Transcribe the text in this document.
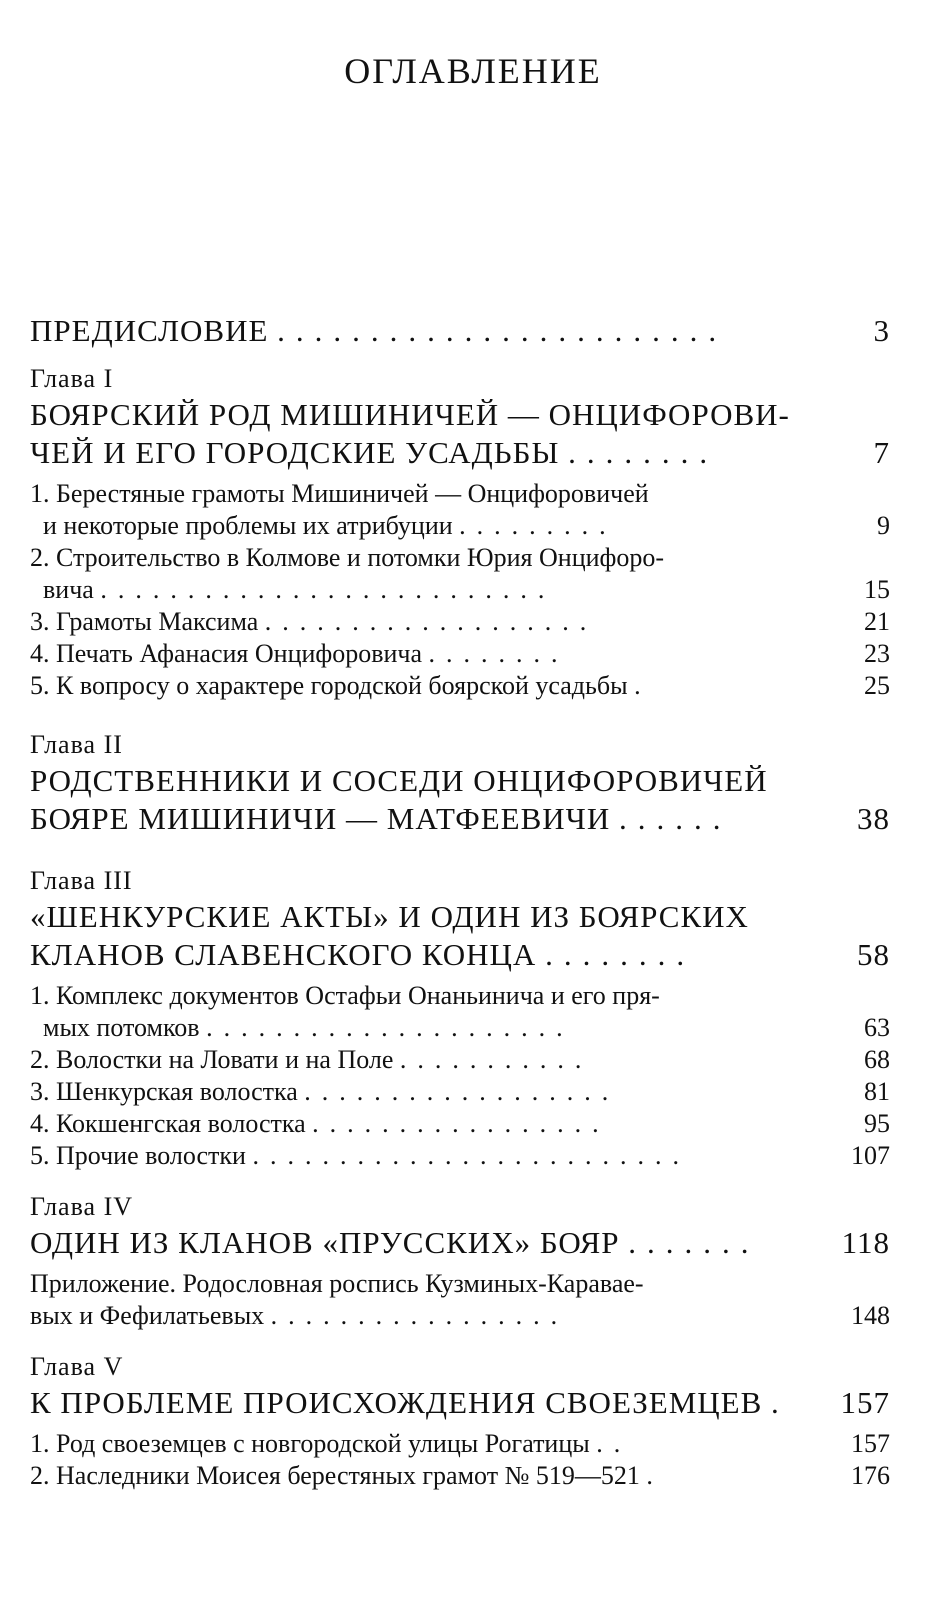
ОГЛАВЛЕНИЕ
ПРЕДИСЛОВИЕ ........................	3
Глава I
БОЯРСКИЙ РОД МИШИНИЧЕЙ — ОНЦИФОРОВИ-
ЧЕЙ И ЕГО ГОРОДСКИЕ УСАДЬБЫ ........	7
1. Берестяные грамоты Мишиничей — Онцифоровичей
и некоторые проблемы их атрибуции .........	9
2. Строительство в Колмове и потомки Юрия Онцифоро-
вича ..........................	15
3. Грамоты Максима ...................	21
4. Печать Афанасия Онцифоровича ........	23
5. К вопросу о характере городской боярской усадьбы .	25
Глава II
РОДСТВЕННИКИ И СОСЕДИ ОНЦИФОРОВИЧЕЙ
БОЯРЕ МИШИНИЧИ — МАТФЕЕВИЧИ ......	38
Глава III
«ШЕНКУРСКИЕ АКТЫ» И ОДИН ИЗ БОЯРСКИХ
КЛАНОВ СЛАВЕНСКОГО КОНЦА ........	58
1. Комплекс документов Остафьи Онаньинича и его пря-
мых потомков .....................	63
2. Волостки на Ловати и на Поле ...........	68
3. Шенкурская волостка ..................	81
4. Кокшенгская волостка .................	95
5. Прочие волостки .........................	107
Глава IV
ОДИН ИЗ КЛАНОВ «ПРУССКИХ» БОЯР .......	118
Приложение. Родословная роспись Кузминых-Каравае-
вых и Фефилатьевых .................	148
Глава V
К ПРОБЛЕМЕ ПРОИСХОЖДЕНИЯ СВОЕЗЕМЦЕВ .	157
1. Род своеземцев с новгородской улицы Рогатицы ..	157
2. Наследники Моисея берестяных грамот № 519—521 .	176
